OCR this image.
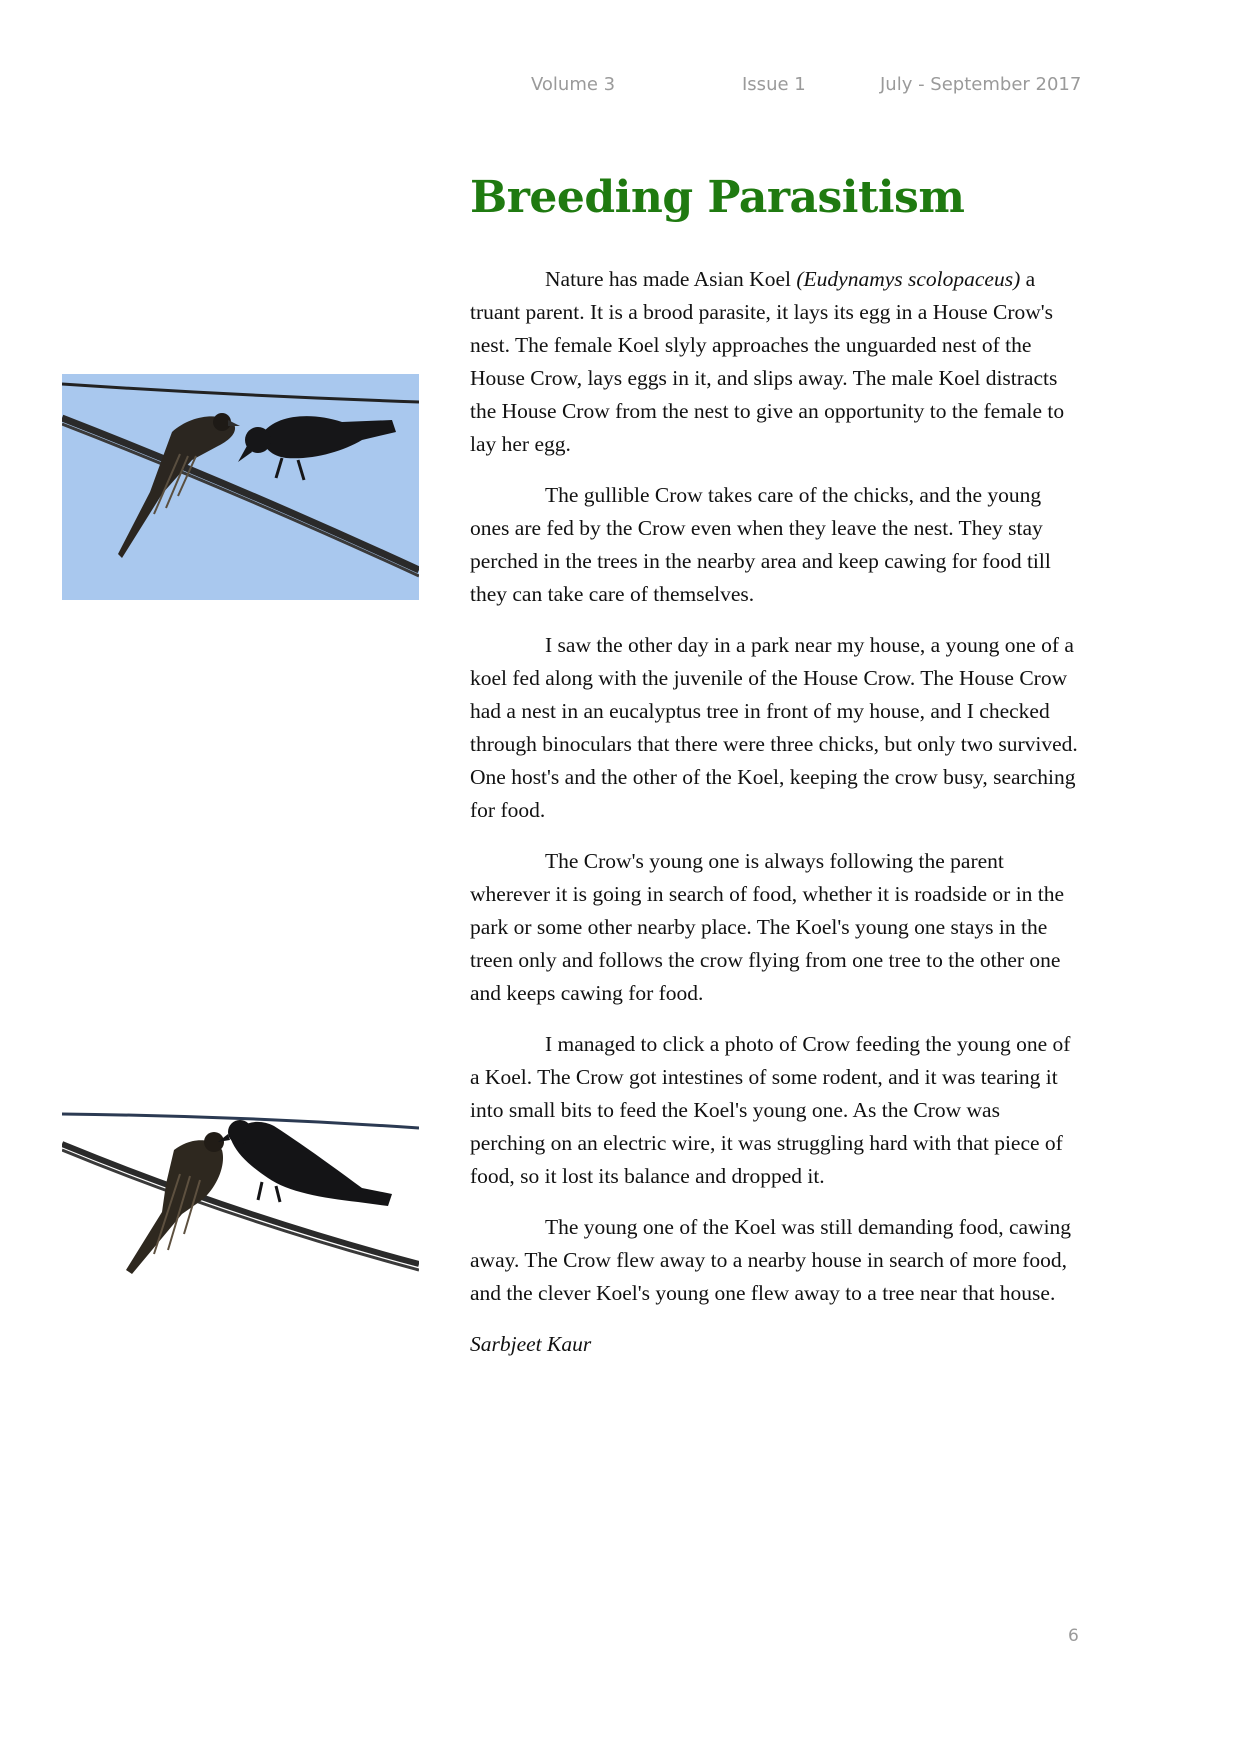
Volume 3	Issue 1	July - September 2017
Breeding Parasitism

Nature has made Asian Koel (Eudynamys scolopaceus) a truant parent. It is a brood parasite, it lays its egg in a House Crow's nest. The female Koel slyly approaches the unguarded nest of the House Crow, lays eggs in it, and slips away. The male Koel distracts the House Crow from the nest to give an opportunity to the female to lay her egg.

The gullible Crow takes care of the chicks, and the young ones are fed by the Crow even when they leave the nest. They stay perched in the trees in the nearby area and keep cawing for food till they can take care of themselves.

I saw the other day in a park near my house, a young one of a koel fed along with the juvenile of the House Crow. The House Crow had a nest in an eucalyptus tree in front of my house, and I checked through binoculars that there were three chicks, but only two survived. One host's and the other of the Koel, keeping the crow busy, searching for food.

The Crow's young one is always following the parent wherever it is going in search of food, whether it is roadside or in the park or some other nearby place. The Koel's young one stays in the treen only and follows the crow flying from one tree to the other one and keeps cawing for food.

I managed to click a photo of Crow feeding the young one of a Koel. The Crow got intestines of some rodent, and it was tearing it into small bits to feed the Koel's young one. As the Crow was perching on an electric wire, it was struggling hard with that piece of food, so it lost its balance and dropped it.

The young one of the Koel was still demanding food, cawing away. The Crow flew away to a nearby house in search of more food, and the clever Koel's young one flew away to a tree near that house.

Sarbjeet Kaur
6
